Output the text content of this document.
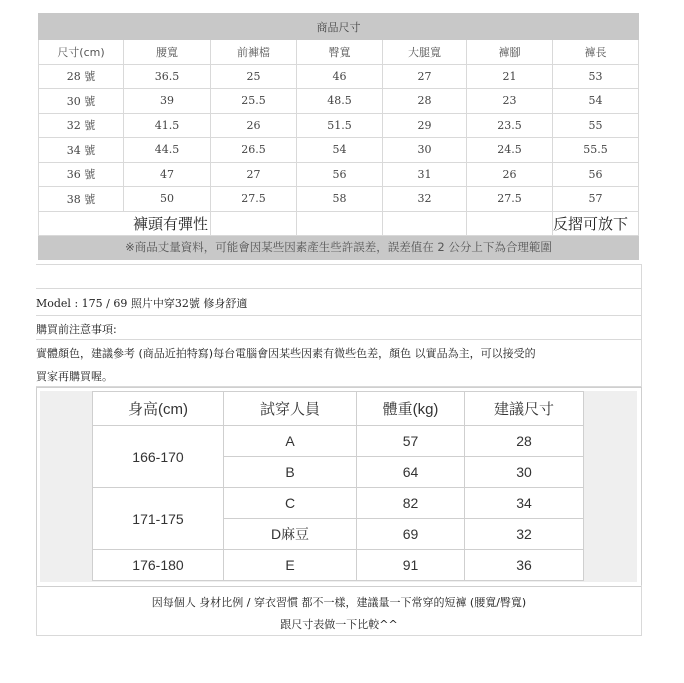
商品尺寸						
尺寸(cm)	腰寬	前褲檔	臀寬	大腿寬	褲腳	褲長
28 號	36.5	25	46	27	21	53
30 號	39	25.5	48.5	28	23	54
32 號	41.5	26	51.5	29	23.5	55
34 號	44.5	26.5	54	30	24.5	55.5
36 號	47	27	56	31	26	56
38 號	50	27.5	58	32	27.5	57
褲頭有彈性						反摺可放下
※商品丈量資料，可能會因某些因素產生些許誤差，誤差值在 2 公分上下為合理範圍						
Model : 175 / 69 照片中穿32號 修身舒適
購買前注意事項:
實體顏色，建議參考 (商品近拍特寫)每台電腦會因某些因素有微些色差，顏色 以實品為主，可以接受的
買家再購買喔。
身高(cm)	試穿人員	體重(kg)	建議尺寸
166-170	A	57	28
	B	64	30
171-175	C	82	34
	D麻豆	69	32
176-180	E	91	36
因每個人 身材比例 / 穿衣習慣 都不一樣，建議量一下常穿的短褲 (腰寬/臀寬)
跟尺寸表做一下比較^^
